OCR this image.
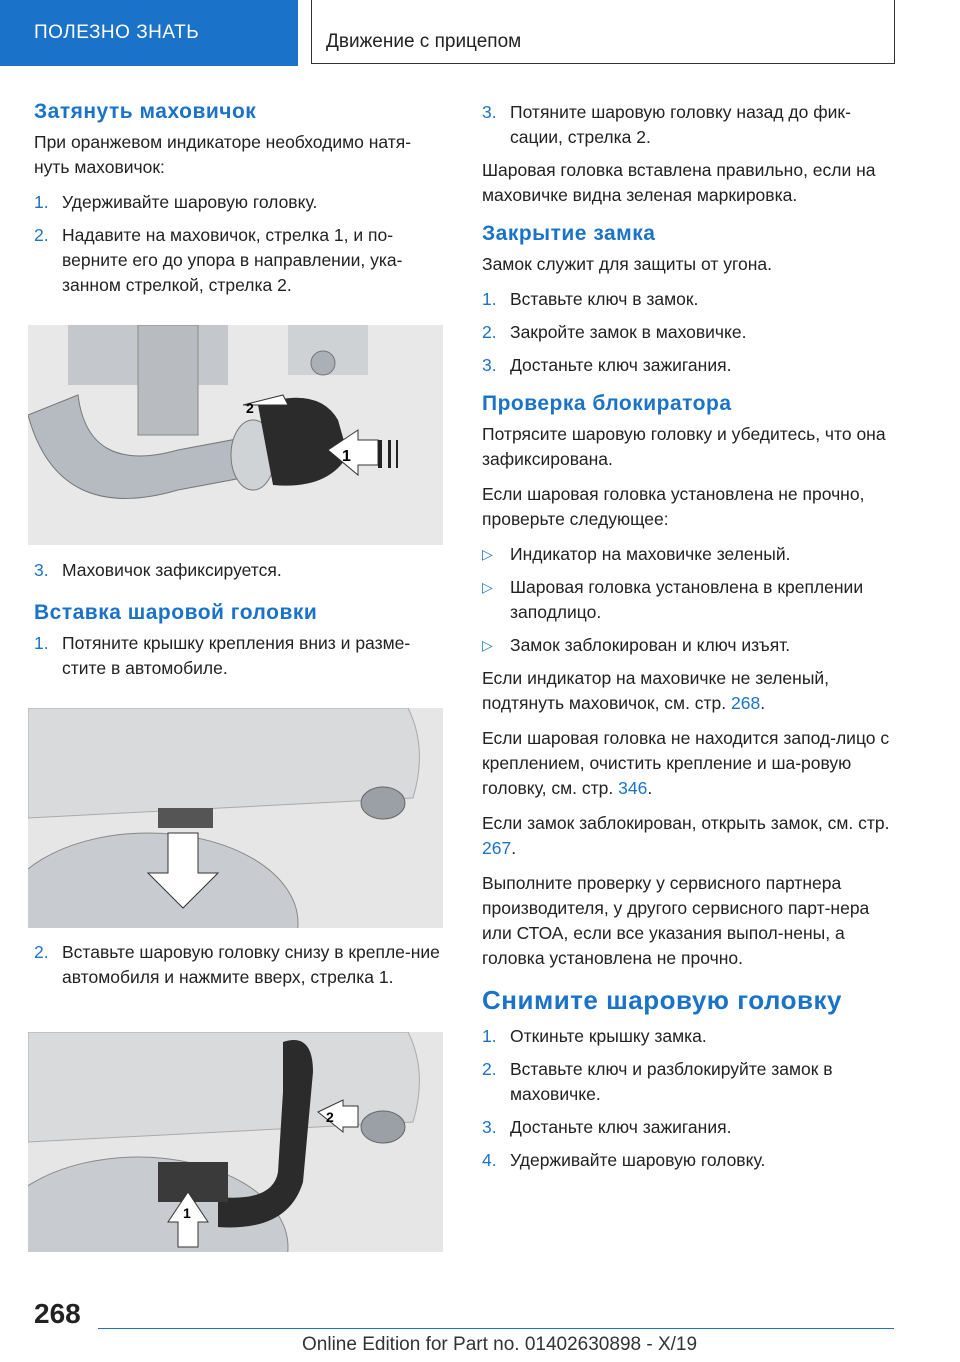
ПОЛЕЗНО ЗНАТЬ	Движение с прицепом
Затянуть маховичок

При оранжевом индикаторе необходимо натя-нуть маховичок:

1. Удерживайте шаровую головку.
2. Надавите на маховичок, стрелка 1, и по-верните его до упора в направлении, ука-занном стрелкой, стрелка 2.
3. Маховичок зафиксируется.
Вставка шаровой головки
1. Потяните крышку крепления вниз и разме-стите в автомобиле.
2. Вставьте шаровую головку снизу в крепле-ние автомобиля и нажмите вверх, стрелка 1.
2
1
2
1
3. Потяните шаровую головку назад до фик-сации, стрелка 2.

Шаровая головка вставлена правильно, если на маховичке видна зеленая маркировка.

Закрытие замка

Замок служит для защиты от угона.

1. Вставьте ключ в замок.
2. Закройте замок в маховичке.
3. Достаньте ключ зажигания.
Проверка блокиратора

Потрясите шаровую головку и убедитесь, что она зафиксирована.

Если шаровая головка установлена не прочно, проверьте следующее:

▷ Индикатор на маховичке зеленый.
▷ Шаровая головка установлена в креплении заподлицо.
▷ Замок заблокирован и ключ изъят.

Если индикатор на маховичке не зеленый, подтянуть маховичок, см. стр. 268.

Если шаровая головка не находится запод-лицо с креплением, очистить крепление и ша-ровую головку, см. стр. 346.

Если замок заблокирован, открыть замок, см. стр. 267.

Выполните проверку у сервисного партнера производителя, у другого сервисного парт-нера или СТОА, если все указания выпол-нены, а головка установлена не прочно.

Снимите шаровую головку
1. Откиньте крышку замка.
2. Вставьте ключ и разблокируйте замок в маховичке.
3. Достаньте ключ зажигания.
4. Удерживайте шаровую головку.
268
Online Edition for Part no. 01402630898 - X/19
